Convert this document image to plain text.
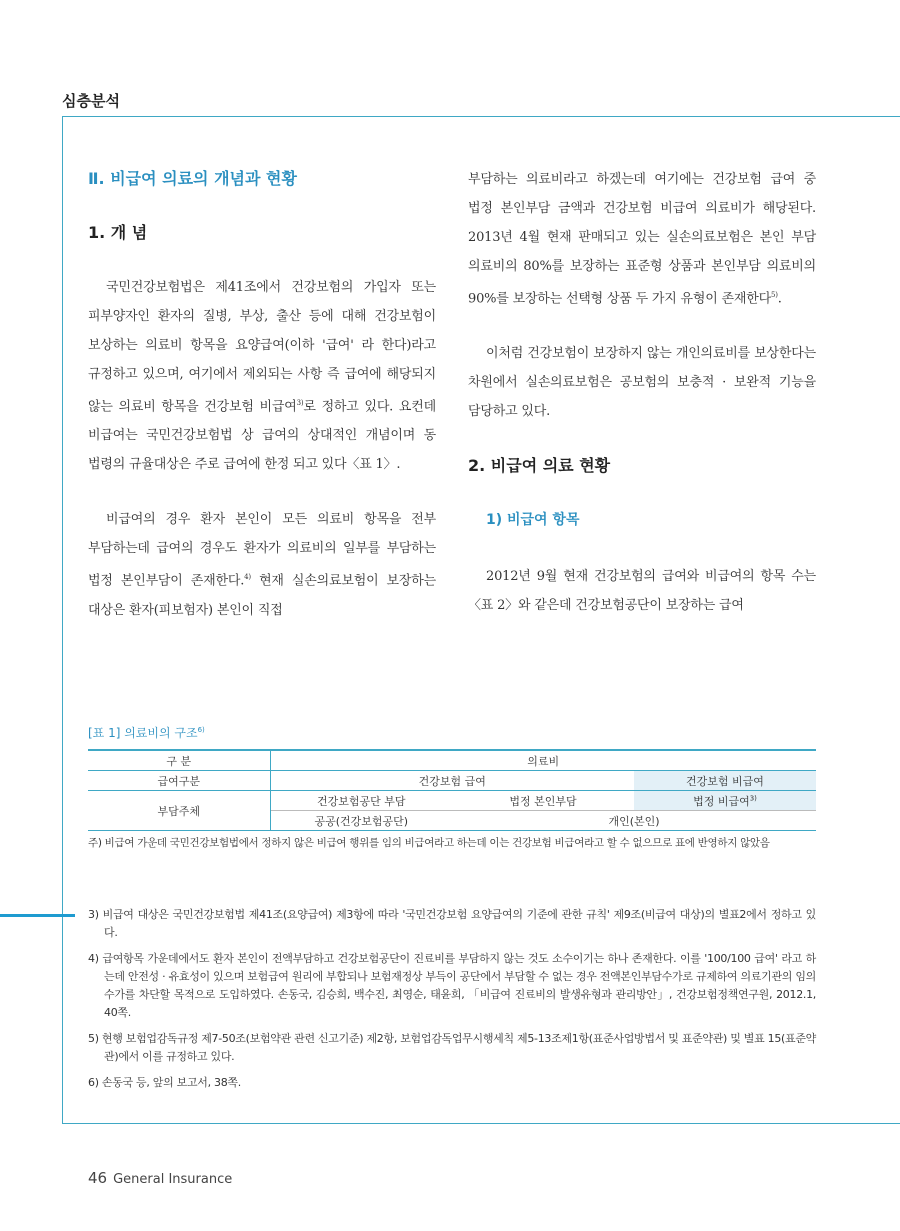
심층분석
Ⅱ. 비급여 의료의 개념과 현황
1. 개 념

국민건강보험법은 제41조에서 건강보험의 가입자 또는 피부양자인 환자의 질병, 부상, 출산 등에 대해 건강보험이 보상하는 의료비 항목을 요양급여(이하 '급여' 라 한다)라고 규정하고 있으며, 여기에서 제외되는 사항 즉 급여에 해당되지 않는 의료비 항목을 건강보험 비급여$^{3)}$로 정하고 있다. 요컨데 비급여는 국민건강보험법 상 급여의 상대적인 개념이며 동 법령의 규율대상은 주로 급여에 한정 되고 있다〈표 1〉.

비급여의 경우 환자 본인이 모든 의료비 항목을 전부 부담하는데 급여의 경우도 환자가 의료비의 일부를 부담하는 법정 본인부담이 존재한다.$^{4)}$ 현재 실손의료보험이 보장하는 대상은 환자(피보험자) 본인이 직접

부담하는 의료비라고 하겠는데 여기에는 건강보험 급여 중 법정 본인부담 금액과 건강보험 비급여 의료비가 해당된다. 2013년 4월 현재 판매되고 있는 실손의료보험은 본인 부담 의료비의 80%를 보장하는 표준형 상품과 본인부담 의료비의 90%를 보장하는 선택형 상품 두 가지 유형이 존재한다$^{5)}$.

이처럼 건강보험이 보장하지 않는 개인의료비를 보상한다는 차원에서 실손의료보험은 공보험의 보충적 · 보완적 기능을 담당하고 있다.

2. 비급여 의료 현황
1) 비급여 항목

2012년 9월 현재 건강보험의 급여와 비급여의 항목 수는 〈표 2〉와 같은데 건강보험공단이 보장하는 급여

[표 1] 의료비의 구조$^{6)}$
구 분	의료비		
급여구분	건강보험 급여		건강보험 비급여
부담주체	건강보험공단 부담	법정 본인부담	법정 비급여$^{3)}$
	공공(건강보험공단)	개인(본인)	
주) 비급여 가운데 국민건강보험법에서 정하지 않은 비급여 행위를 임의 비급여라고 하는데 이는 건강보험 비급여라고 할 수 없으므로 표에 반영하지 않았음

3) 비급여 대상은 국민건강보험법 제41조(요양급여) 제3항에 따라 '국민건강보험 요양급여의 기준에 관한 규칙' 제9조(비급여 대상)의 별표2에서 정하고 있다.

4) 급여항목 가운데에서도 환자 본인이 전액부담하고 건강보험공단이 진료비를 부담하지 않는 것도 소수이기는 하나 존재한다. 이를 '100/100 급여' 라고 하는데 안전성 · 유효성이 있으며 보험급여 원리에 부합되나 보험재정상 부득이 공단에서 부담할 수 없는 경우 전액본인부담수가로 규제하여 의료기관의 임의수가를 차단할 목적으로 도입하였다. 손동국, 김승희, 백수진, 최영순, 태윤희, 「비급여 진료비의 발생유형과 관리방안」, 건강보험정책연구원, 2012.1, 40쪽.

5) 현행 보험업감독규정 제7-50조(보험약관 관련 신고기준) 제2항, 보험업감독업무시행세칙 제5-13조제1항(표준사업방법서 및 표준약관) 및 별표 15(표준약관)에서 이를 규정하고 있다.

6) 손동국 등, 앞의 보고서, 38쪽.

46 General Insurance
